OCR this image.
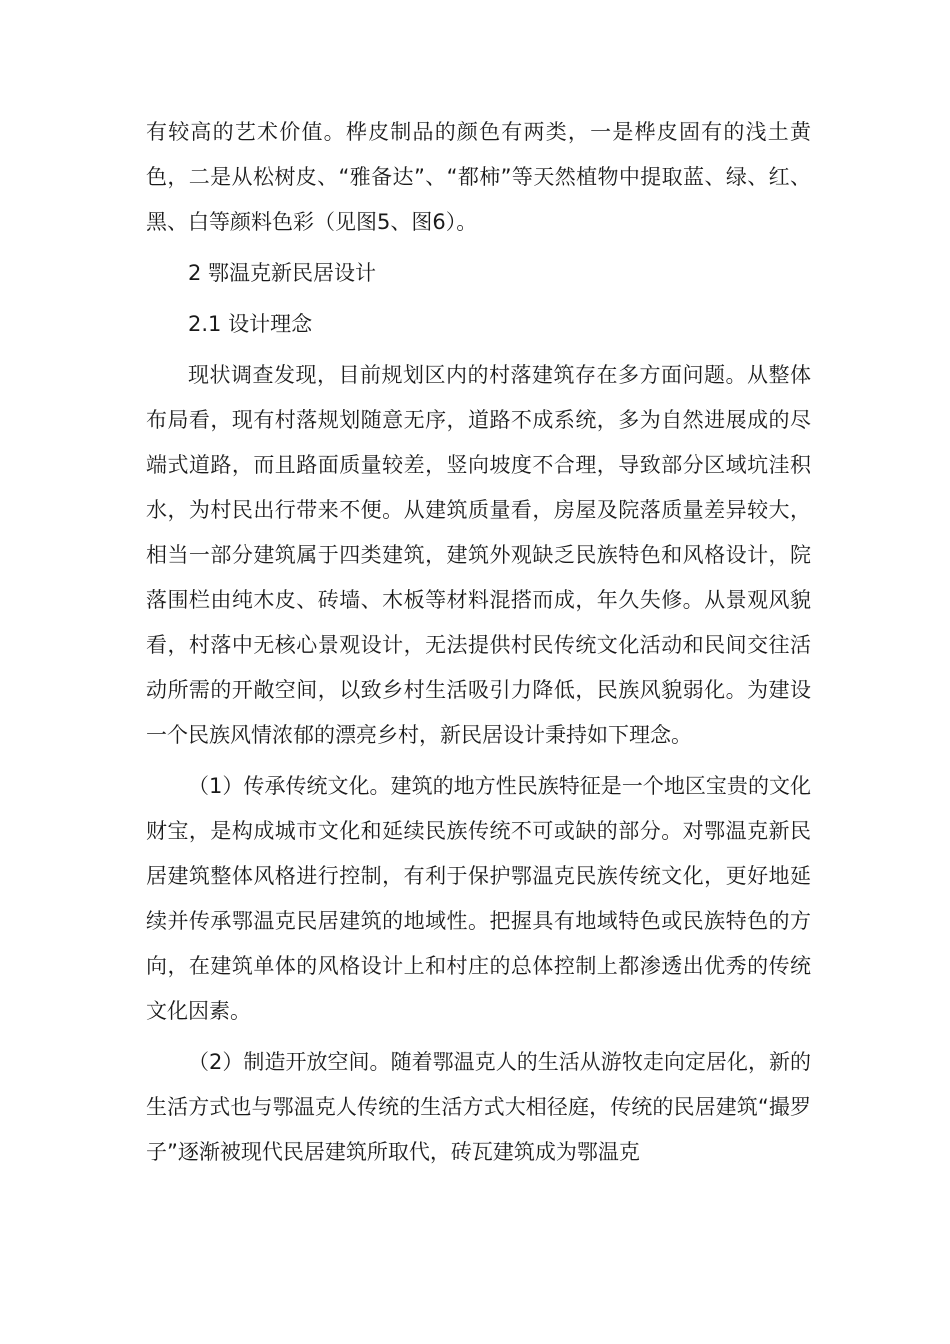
有较高的艺术价值。桦皮制品的颜色有两类，一是桦皮固有的浅土黄色，二是从松树皮、“雅备达”、“都柿”等天然植物中提取蓝、绿、红、黑、白等颜料色彩（见图5、图6）。

2 鄂温克新民居设计

2.1 设计理念

现状调查发现，目前规划区内的村落建筑存在多方面问题。从整体布局看，现有村落规划随意无序，道路不成系统，多为自然进展成的尽端式道路，而且路面质量较差，竖向坡度不合理，导致部分区域坑洼积水，为村民出行带来不便。从建筑质量看，房屋及院落质量差异较大，相当一部分建筑属于四类建筑，建筑外观缺乏民族特色和风格设计，院落围栏由纯木皮、砖墙、木板等材料混搭而成，年久失修。从景观风貌看，村落中无核心景观设计，无法提供村民传统文化活动和民间交往活动所需的开敞空间，以致乡村生活吸引力降低，民族风貌弱化。为建设一个民族风情浓郁的漂亮乡村，新民居设计秉持如下理念。

（1）传承传统文化。建筑的地方性民族特征是一个地区宝贵的文化财宝，是构成城市文化和延续民族传统不可或缺的部分。对鄂温克新民居建筑整体风格进行控制，有利于保护鄂温克民族传统文化，更好地延续并传承鄂温克民居建筑的地域性。把握具有地域特色或民族特色的方向，在建筑单体的风格设计上和村庄的总体控制上都渗透出优秀的传统文化因素。

（2）制造开放空间。随着鄂温克人的生活从游牧走向定居化，新的生活方式也与鄂温克人传统的生活方式大相径庭，传统的民居建筑“撮罗子”逐渐被现代民居建筑所取代，砖瓦建筑成为鄂温克
